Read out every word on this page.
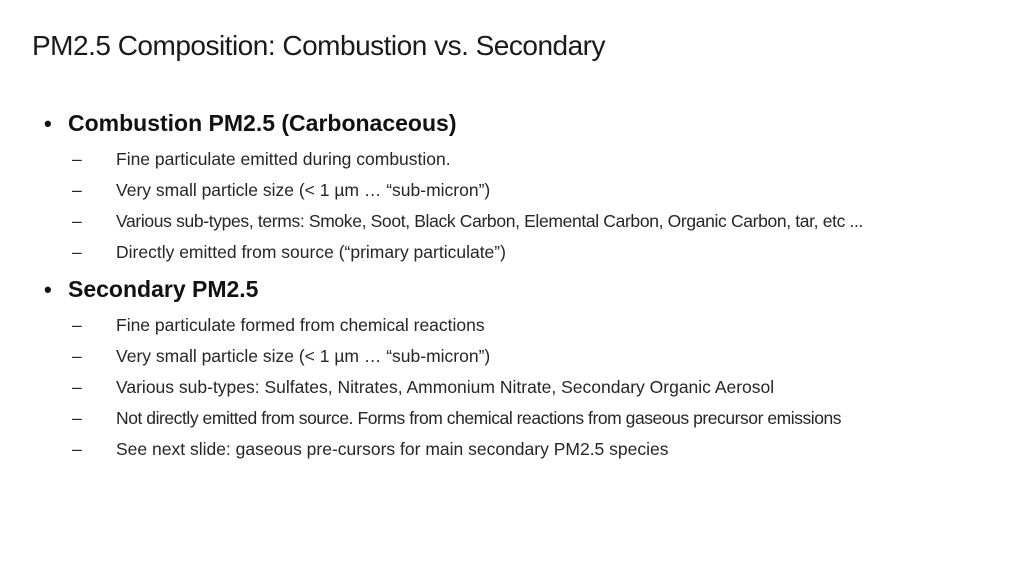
PM2.5 Composition: Combustion vs. Secondary
• Combustion PM2.5 (Carbonaceous)
–	Fine particulate emitted during combustion.
–	Very small particle size (< 1 µm … “sub-micron”)
–	Various sub-types, terms: Smoke, Soot, Black Carbon, Elemental Carbon, Organic Carbon, tar, etc ...
–	Directly emitted from source (“primary particulate”)
• Secondary PM2.5
–	Fine particulate formed from chemical reactions
–	Very small particle size (< 1 µm … “sub-micron”)
–	Various sub-types: Sulfates, Nitrates, Ammonium Nitrate, Secondary Organic Aerosol
–	Not directly emitted from source. Forms from chemical reactions from gaseous precursor emissions
–	See next slide: gaseous pre-cursors for main secondary PM2.5 species
